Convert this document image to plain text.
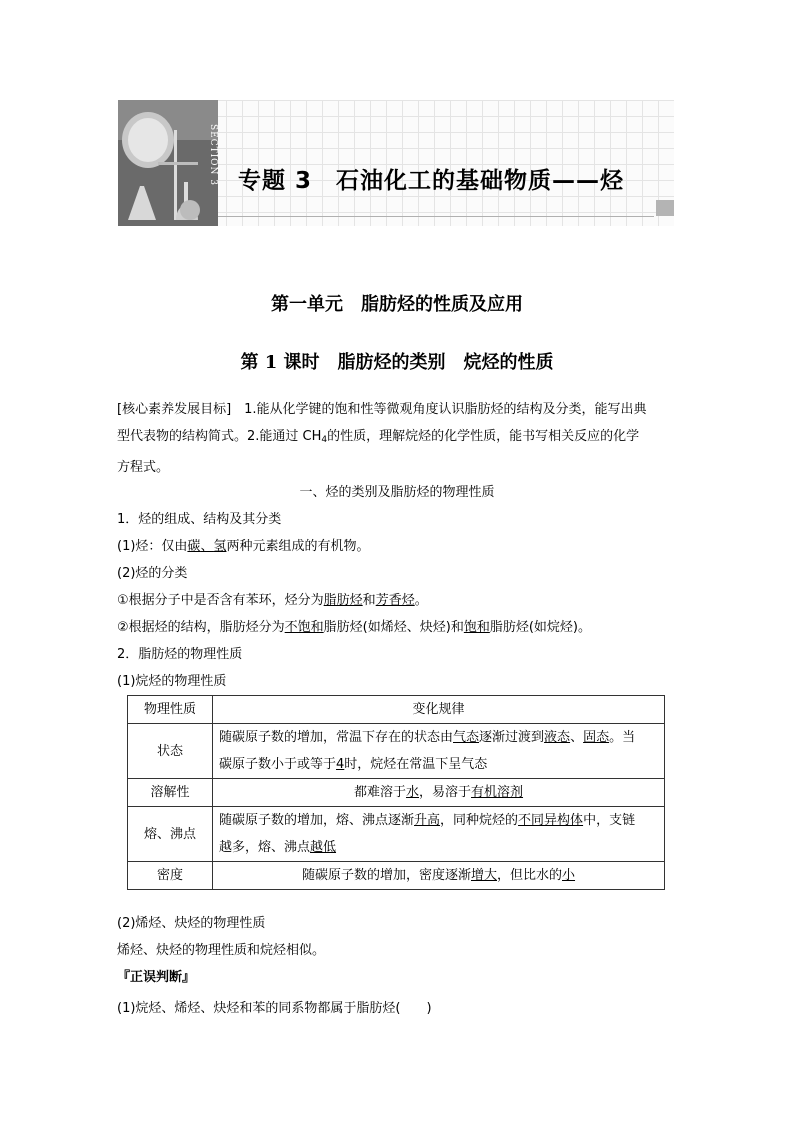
SECTION 3 专题 3　石油化工的基础物质——烃
第一单元　脂肪烃的性质及应用
第 1 课时　脂肪烃的类别　烷烃的性质

[核心素养发展目标]　1.能从化学键的饱和性等微观角度认识脂肪烃的结构及分类，能写出典

型代表物的结构简式。2.能通过 $CH_4$的性质，理解烷烃的化学性质，能书写相关反应的化学

方程式。

一、烃的类别及脂肪烃的物理性质

1．烃的组成、结构及其分类

(1)烃：仅由碳、氢两种元素组成的有机物。

(2)烃的分类

①根据分子中是否含有苯环，烃分为脂肪烃和芳香烃。

②根据烃的结构，脂肪烃分为不饱和脂肪烃(如烯烃、炔烃)和饱和脂肪烃(如烷烃)。

2．脂肪烃的物理性质

(1)烷烃的物理性质

物理性质	变化规律
状态	随碳原子数的增加，常温下存在的状态由气态逐渐过渡到液态、固态。当
碳原子数小于或等于4时，烷烃在常温下呈气态
溶解性	都难溶于水，易溶于有机溶剂
熔、沸点	随碳原子数的增加，熔、沸点逐渐升高，同种烷烃的不同异构体中，支链
越多，熔、沸点越低
密度	随碳原子数的增加，密度逐渐增大，但比水的小

(2)烯烃、炔烃的物理性质

烯烃、炔烃的物理性质和烷烃相似。

『正误判断』

(1)烷烃、烯烃、炔烃和苯的同系物都属于脂肪烃(　　)
